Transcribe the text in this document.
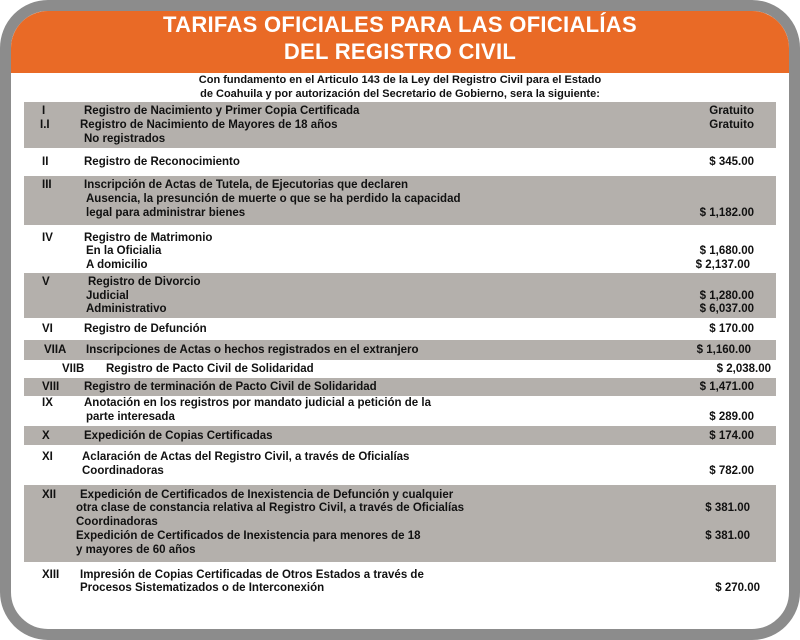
TARIFAS OFICIALES PARA LAS OFICIALÍAS
DEL REGISTRO CIVIL
Con fundamento en el Articulo 143 de la Ley del Registro Civil para el Estado
de Coahuila y por autorización del Secretario de Gobierno, sera la siguiente:
I	Registro de Nacimiento y Primer Copia Certificada	Gratuito
I.I	Registro de Nacimiento de Mayores de 18 años	Gratuito
No registrados
II	Registro de Reconocimiento	$ 345.00
III	Inscripción de Actas de Tutela, de Ejecutorias que declaren
Ausencia, la presunción de muerte o que se ha perdido la capacidad
legal para administrar bienes	$ 1,182.00
IV	Registro de Matrimonio
En la Oficialia	$ 1,680.00
A domicilio	$ 2,137.00
V	Registro de Divorcio
Judicial	$ 1,280.00
Administrativo	$ 6,037.00
VI	Registro de Defunción	$ 170.00
VIIA Inscripciones de Actas o hechos registrados en el extranjero	$ 1,160.00
VIIB Registro de Pacto Civil de Solidaridad	$ 2,038.00
VIII Registro de terminación de Pacto Civil de Solidaridad	$ 1,471.00
IX	Anotación en los registros por mandato judicial a petición de la
parte interesada	$ 289.00
X	Expedición de Copias Certificadas	$ 174.00
XI	Aclaración de Actas del Registro Civil, a través de Oficialías
Coordinadoras	$ 782.00
XII Expedición de Certificados de Inexistencia de Defunción y cualquier
otra clase de constancia relativa al Registro Civil, a través de Oficialías	$ 381.00
Coordinadoras
Expedición de Certificados de Inexistencia para menores de 18	$ 381.00
y mayores de 60 años
XIII Impresión de Copias Certificadas de Otros Estados a través de
Procesos Sistematizados o de Interconexión	$ 270.00
